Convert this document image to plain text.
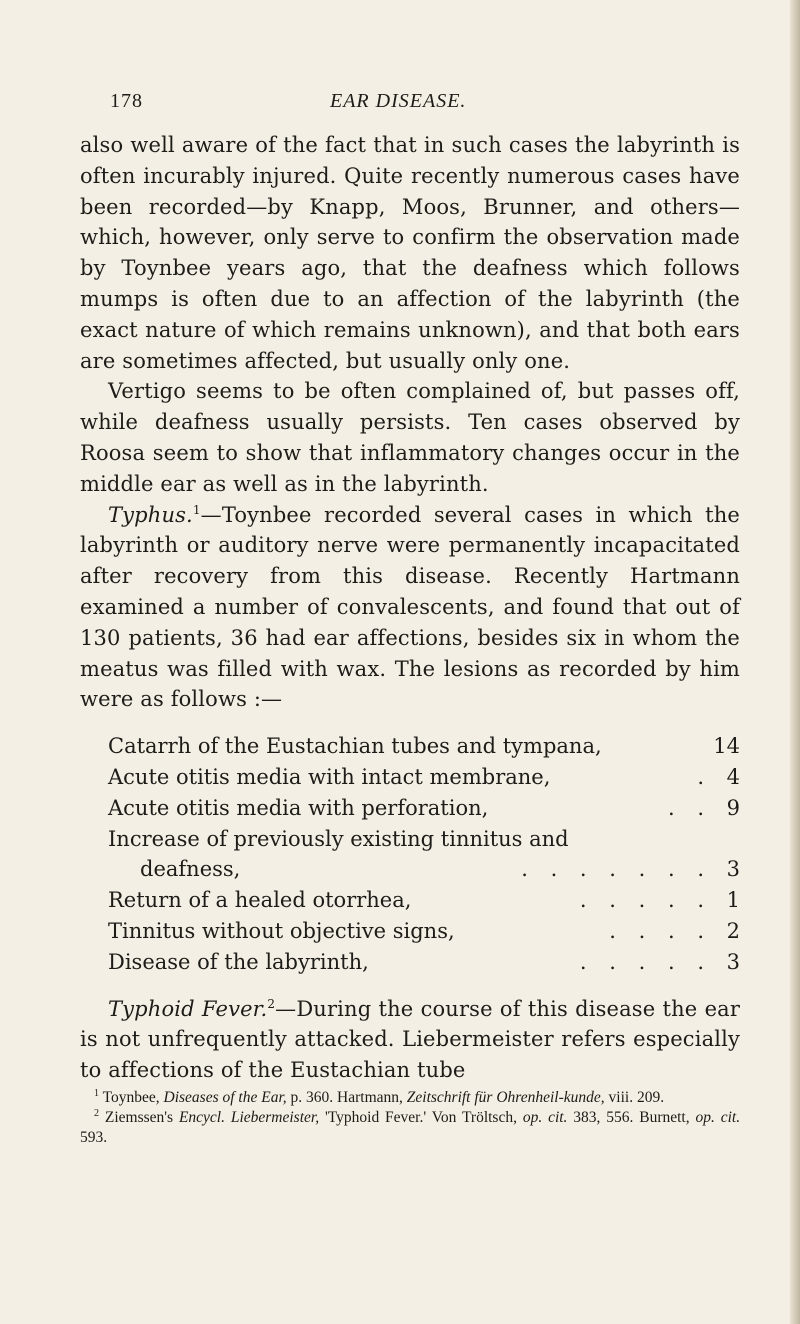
178	EAR DISEASE.

also well aware of the fact that in such cases the labyrinth is often incurably injured. Quite recently numerous cases have been recorded—by Knapp, Moos, Brunner, and others—which, however, only serve to confirm the observation made by Toynbee years ago, that the deafness which follows mumps is often due to an affection of the labyrinth (the exact nature of which remains unknown), and that both ears are sometimes affected, but usually only one.

Vertigo seems to be often complained of, but passes off, while deafness usually persists. Ten cases observed by Roosa seem to show that inflammatory changes occur in the middle ear as well as in the labyrinth.

Typhus.$^1$—Toynbee recorded several cases in which the labyrinth or auditory nerve were permanently incapacitated after recovery from this disease. Recently Hartmann examined a number of convalescents, and found that out of 130 patients, 36 had ear affections, besides six in whom the meatus was filled with wax. The lesions as recorded by him were as follows :—

Catarrh of the Eustachian tubes and tympana,	14
Acute otitis media with intact membrane,	. 4
Acute otitis media with perforation,	. . 9
Increase of previously existing tinnitus and
deafness,	. . . . . . . 3
Return of a healed otorrhea,	. . . . . 1
Tinnitus without objective signs,	. . . . 2
Disease of the labyrinth,	. . . . . 3

Typhoid Fever.$^2$—During the course of this disease the ear is not unfrequently attacked. Liebermeister refers especially to affections of the Eustachian tube

$^1$ Toynbee, Diseases of the Ear, p. 360. Hartmann, Zeitschrift für Ohrenheil-kunde, viii. 209.

$^2$ Ziemssen's Encycl. Liebermeister, 'Typhoid Fever.' Von Tröltsch, op. cit. 383, 556. Burnett, op. cit. 593.
